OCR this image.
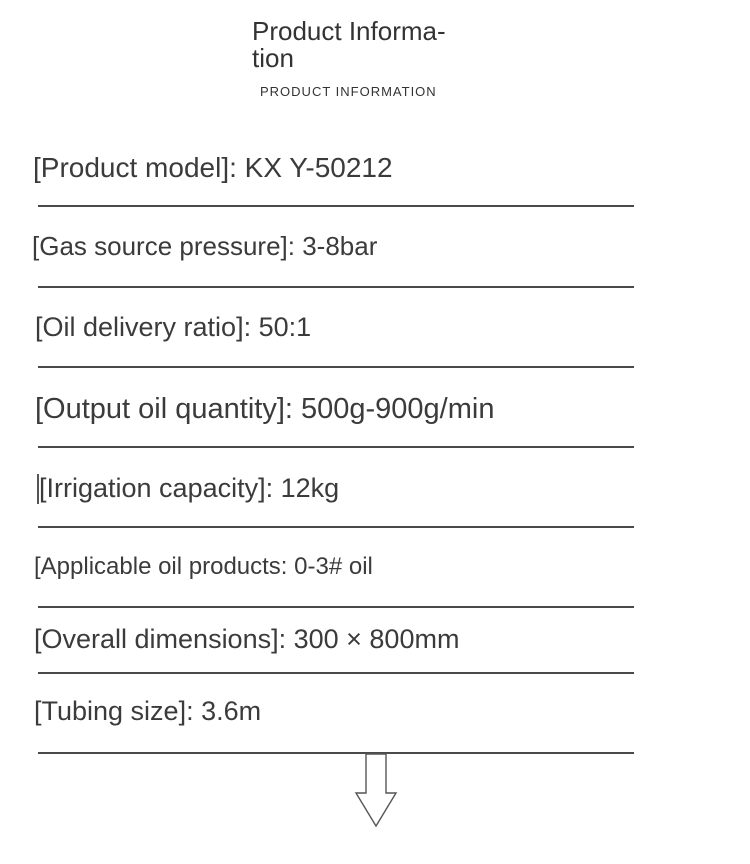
Product Informa-
tion
PRODUCT INFORMATION
[Product model]: KX Y-50212
[Gas source pressure]: 3-8bar
[Oil delivery ratio]: 50:1
[Output oil quantity]: 500g-900g/min
[Irrigation capacity]: 12kg
[Applicable oil products: 0-3# oil
[Overall dimensions]: 300 × 800mm
[Tubing size]: 3.6m
